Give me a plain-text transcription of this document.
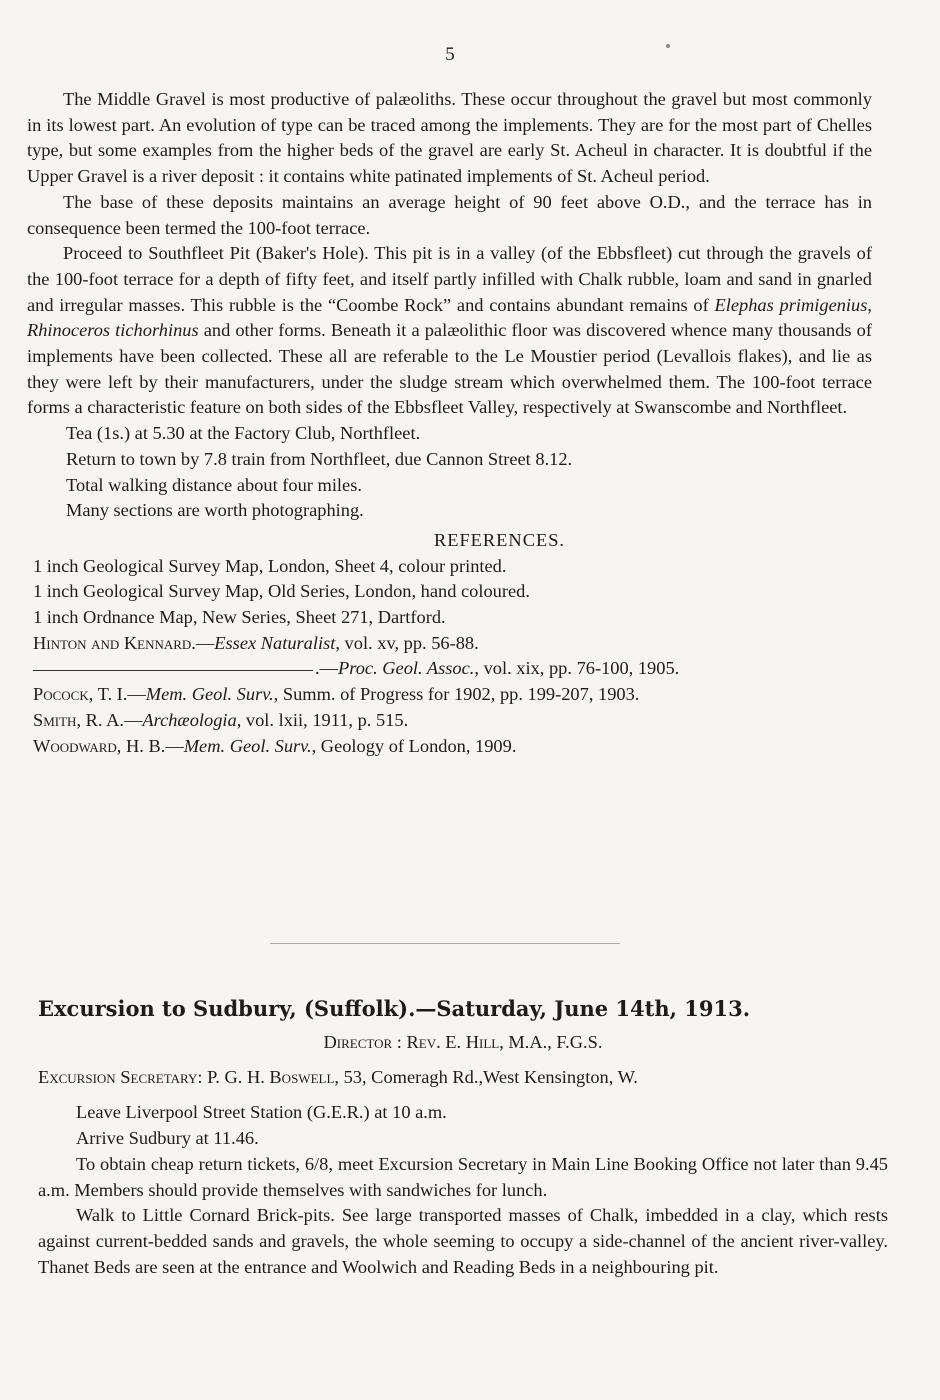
5

The Middle Gravel is most productive of palæoliths. These occur throughout the gravel but most commonly in its lowest part. An evolution of type can be traced among the implements. They are for the most part of Chelles type, but some examples from the higher beds of the gravel are early St. Acheul in character. It is doubtful if the Upper Gravel is a river deposit : it contains white patinated implements of St. Acheul period.

The base of these deposits maintains an average height of 90 feet above O.D., and the terrace has in consequence been termed the 100-foot terrace.

Proceed to Southfleet Pit (Baker's Hole). This pit is in a valley (of the Ebbsfleet) cut through the gravels of the 100-foot terrace for a depth of fifty feet, and itself partly infilled with Chalk rubble, loam and sand in gnarled and irregular masses. This rubble is the “Coombe Rock” and contains abundant remains of Elephas primigenius, Rhinoceros tichorhinus and other forms. Beneath it a palæolithic floor was discovered whence many thousands of implements have been collected. These all are referable to the Le Moustier period (Levallois flakes), and lie as they were left by their manufacturers, under the sludge stream which overwhelmed them. The 100-foot terrace forms a characteristic feature on both sides of the Ebbsfleet Valley, respectively at Swanscombe and Northfleet.

Tea (1s.) at 5.30 at the Factory Club, Northfleet.

Return to town by 7.8 train from Northfleet, due Cannon Street 8.12.

Total walking distance about four miles.

Many sections are worth photographing.

REFERENCES.
1 inch Geological Survey Map, London, Sheet 4, colour printed.
1 inch Geological Survey Map, Old Series, London, hand coloured.
1 inch Ordnance Map, New Series, Sheet 271, Dartford.
Hinton and Kennard.—Essex Naturalist, vol. xv, pp. 56-88.
.—Proc. Geol. Assoc., vol. xix, pp. 76-100, 1905.
Pocock, T. I.—Mem. Geol. Surv., Summ. of Progress for 1902, pp. 199-207, 1903.
Smith, R. A.—Archæologia, vol. lxii, 1911, p. 515.
Woodward, H. B.—Mem. Geol. Surv., Geology of London, 1909.
Excursion to Sudbury, (Suffolk).—Saturday, June 14th, 1913.

Director : Rev. E. Hill, M.A., F.G.S.

Excursion Secretary: P. G. H. Boswell, 53, Comeragh Rd.,West Kensington, W.

Leave Liverpool Street Station (G.E.R.) at 10 a.m.

Arrive Sudbury at 11.46.

To obtain cheap return tickets, 6/8, meet Excursion Secretary in Main Line Booking Office not later than 9.45 a.m. Members should provide themselves with sandwiches for lunch.

Walk to Little Cornard Brick-pits. See large transported masses of Chalk, imbedded in a clay, which rests against current-bedded sands and gravels, the whole seeming to occupy a side-channel of the ancient river-valley. Thanet Beds are seen at the entrance and Woolwich and Reading Beds in a neighbouring pit.
